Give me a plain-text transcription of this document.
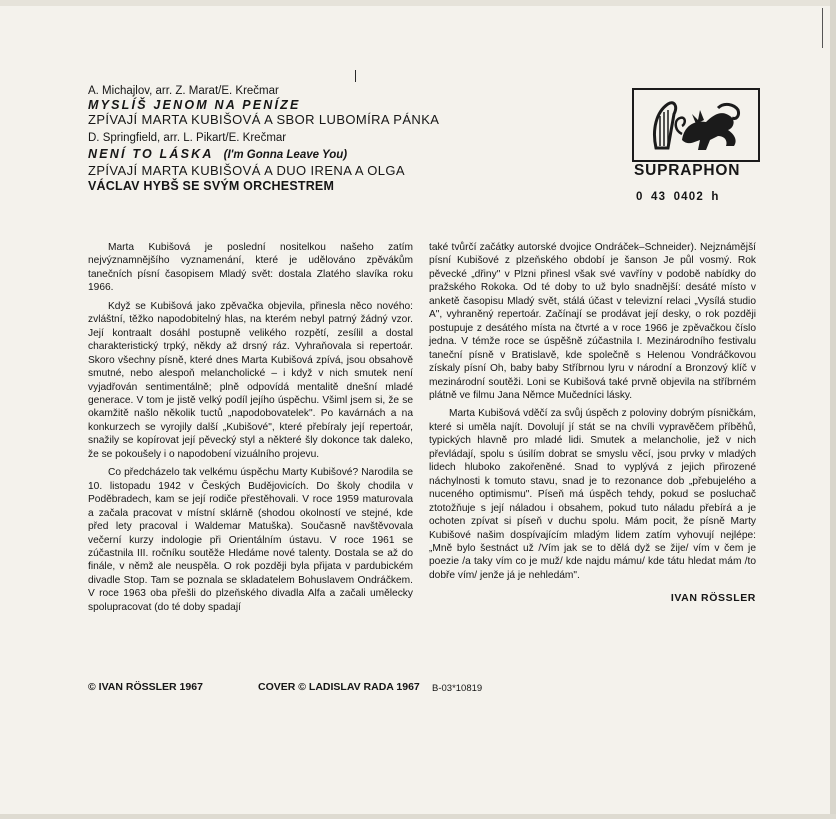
A. Michajlov, arr. Z. Marat/E. Krečmar
MYSLÍŠ JENOM NA PENÍZE
ZPÍVAJÍ MARTA KUBIŠOVÁ A SBOR LUBOMÍRA PÁNKA
D. Springfield, arr. L. Pikart/E. Krečmar
NENÍ TO LÁSKA (I'm Gonna Leave You)
ZPÍVAJÍ MARTA KUBIŠOVÁ A DUO IRENA A OLGA
VÁCLAV HYBŠ SE SVÝM ORCHESTREM
SUPRAPHON
0 43 0402 h

Marta Kubišová je poslední nositelkou našeho zatím nejvýznamnějšího vyznamenání, které je udělováno zpěvákům tanečních písní časopisem Mladý svět: dostala Zlatého slavíka roku 1966.

Když se Kubišová jako zpěvačka objevila, přinesla něco nového: zvláštní, těžko napodobitelný hlas, na kterém nebyl patrný žádný vzor. Její kontraalt dosáhl postupně velikého rozpětí, zesílil a dostal charakteristický trpký, někdy až drsný ráz. Vyhraňovala si repertoár. Skoro všechny písně, které dnes Marta Kubišová zpívá, jsou obsahově smutné, nebo alespoň melancholické – i když v nich smutek není vyjadřován sentimentálně; plně odpovídá mentalitě dnešní mladé generace. V tom je jistě velký podíl jejího úspěchu. Všiml jsem si, že se okamžitě našlo několik tuctů „napodobovatelek". Po kavárnách a na konkurzech se vyrojily další „Kubišové", které přebíraly její repertoár, snažily se kopírovat její pěvecký styl a některé šly dokonce tak daleko, že se pokoušely i o napodobení vizuálního projevu.

Co předcházelo tak velkému úspěchu Marty Kubišové? Narodila se 10. listopadu 1942 v Českých Budějovicích. Do školy chodila v Poděbradech, kam se její rodiče přestěhovali. V roce 1959 maturovala a začala pracovat v místní sklárně (shodou okolností ve stejné, kde před lety pracoval i Waldemar Matuška). Současně navštěvovala večerní kurzy indologie při Orientálním ústavu. V roce 1961 se zúčastnila III. ročníku soutěže Hledáme nové talenty. Dostala se až do finále, v němž ale neuspěla. O rok později byla přijata v pardubickém divadle Stop. Tam se poznala se skladatelem Bohuslavem Ondráčkem. V roce 1963 oba přešli do plzeňského divadla Alfa a začali umělecky spolupracovat (do té doby spadají

také tvůrčí začátky autorské dvojice Ondráček–Schneider). Nejznámější písní Kubišové z plzeňského období je šanson Je půl vosmý. Rok pěvecké „dřiny" v Plzni přinesl však své vavříny v podobě nabídky do pražského Rokoka. Od té doby to už bylo snadnější: desáté místo v anketě časopisu Mladý svět, stálá účast v televizní relaci „Vysílá studio A", vyhraněný repertoár. Začínají se prodávat její desky, o rok později postupuje z desátého místa na čtvrté a v roce 1966 je zpěvačkou číslo jedna. V témže roce se úspěšně zúčastnila I. Mezinárodního festivalu taneční písně v Bratislavě, kde společně s Helenou Vondráčkovou získaly písní Oh, baby baby Stříbrnou lyru v národní a Bronzový klíč v mezinárodní soutěži. Loni se Kubišová také prvně objevila na stříbrném plátně ve filmu Jana Němce Mučedníci lásky.

Marta Kubišová vděčí za svůj úspěch z poloviny dobrým písničkám, které si uměla najít. Dovolují jí stát se na chvíli vypravěčem příběhů, typických hlavně pro mladé lidi. Smutek a melancholie, jež v nich převládají, spolu s úsilím dobrat se smyslu věcí, jsou prvky v mladých lidech hluboko zakořeněné. Snad to vyplývá z jejich přirozené náchylnosti k tomuto stavu, snad je to rezonance dob „přebujelého a nuceného optimismu". Píseň má úspěch tehdy, pokud se posluchač ztotožňuje s její náladou i obsahem, pokud tuto náladu přebírá a je ochoten zpívat si píseň v duchu spolu. Mám pocit, že písně Marty Kubišové našim dospívajícím mladým lidem zatím vyhovují nejlépe: „Mně bylo šestnáct už /Vím jak se to dělá dyž se žije/ vím v čem je poezie /a taky vím co je muž/ kde najdu mámu/ kde tátu hledat mám /to dobře vím/ jenže já je nehledám".

IVAN RÖSSLER
© IVAN RÖSSLER 1967	COVER © LADISLAV RADA 1967 B-03*10819
